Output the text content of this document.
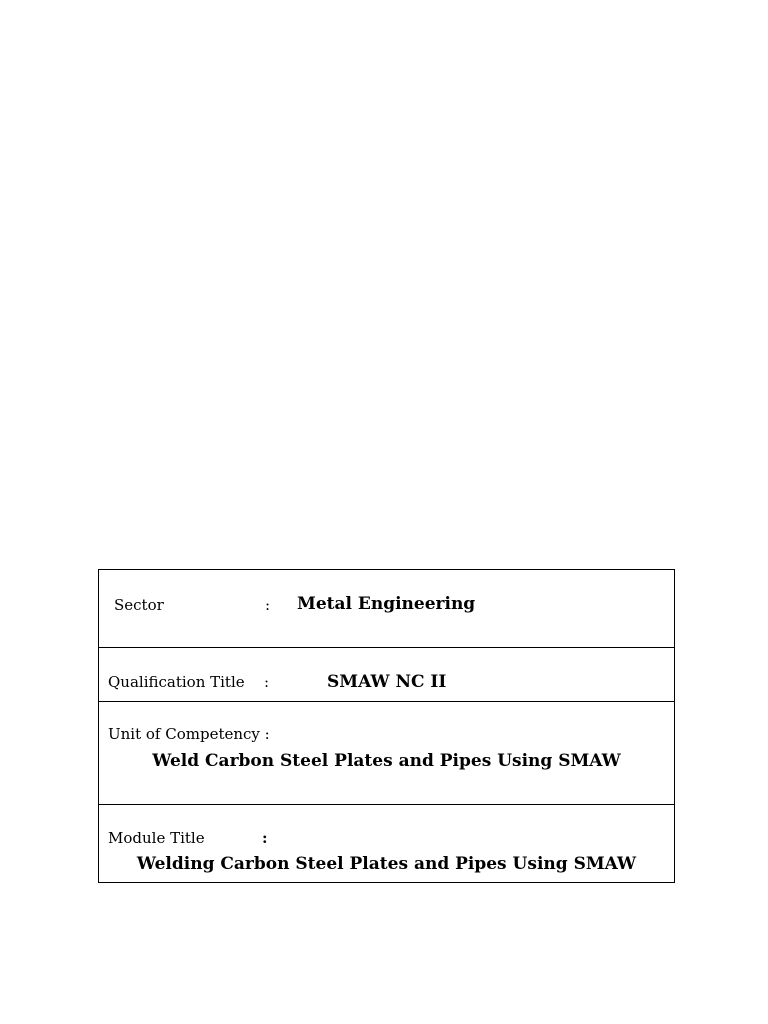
Sector	: Metal Engineering
Qualification Title :	SMAW NC II
Unit of Competency :
Weld Carbon Steel Plates and Pipes Using SMAW
Module Title	:
Welding Carbon Steel Plates and Pipes Using SMAW
